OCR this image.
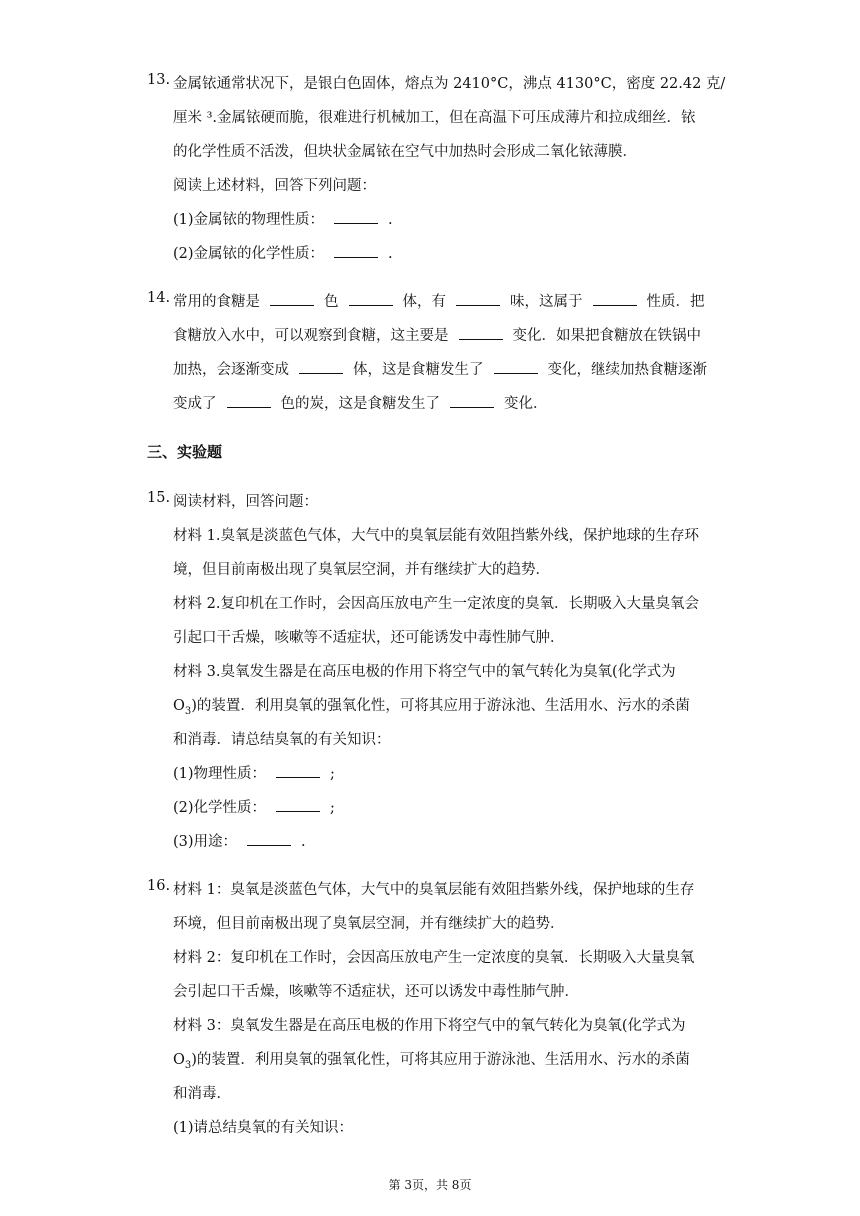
13. 金属铱通常状况下，是银白色固体，熔点为 2410°C，沸点 4130°C，密度 22.42 克/
厘米 ³.金属铱硬而脆，很难进行机械加工，但在高温下可压成薄片和拉成细丝．铱
的化学性质不活泼，但块状金属铱在空气中加热时会形成二氧化铱薄膜．
阅读上述材料，回答下列问题：
(1)金属铱的物理性质：	.
(2)金属铱的化学性质：	.
14. 常用的食糖是	色	体，有	味，这属于	性质．把
食糖放入水中，可以观察到食糖，这主要是	变化．如果把食糖放在铁锅中
加热，会逐渐变成	体，这是食糖发生了	变化，继续加热食糖逐渐
变成了	色的炭，这是食糖发生了	变化．
三、实验题
15. 阅读材料，回答问题：
材料 1.臭氧是淡蓝色气体，大气中的臭氧层能有效阻挡紫外线，保护地球的生存环
境，但目前南极出现了臭氧层空洞，并有继续扩大的趋势．
材料 2.复印机在工作时，会因高压放电产生一定浓度的臭氧．长期吸入大量臭氧会
引起口干舌燥，咳嗽等不适症状，还可能诱发中毒性肺气肿．
材料 3.臭氧发生器是在高压电极的作用下将空气中的氧气转化为臭氧(化学式为
$O_3$)的装置．利用臭氧的强氧化性，可将其应用于游泳池、生活用水、污水的杀菌
和消毒．请总结臭氧的有关知识：
(1)物理性质：	;
(2)化学性质：	;
(3)用途：	.
16. 材料 1：臭氧是淡蓝色气体，大气中的臭氧层能有效阻挡紫外线，保护地球的生存
环境，但目前南极出现了臭氧层空洞，并有继续扩大的趋势．
材料 2：复印机在工作时，会因高压放电产生一定浓度的臭氧．长期吸入大量臭氧
会引起口干舌燥，咳嗽等不适症状，还可以诱发中毒性肺气肿．
材料 3：臭氧发生器是在高压电极的作用下将空气中的氧气转化为臭氧(化学式为
$O_3$)的装置．利用臭氧的强氧化性，可将其应用于游泳池、生活用水、污水的杀菌
和消毒．
(1)请总结臭氧的有关知识：
第 3页，共 8页
